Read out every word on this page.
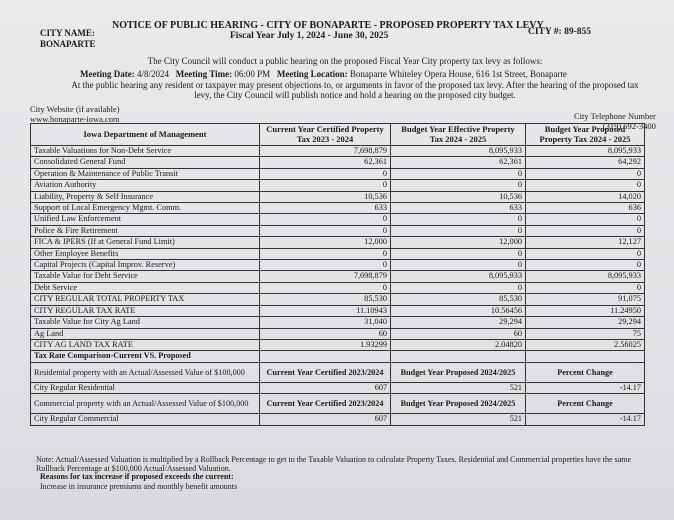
CITY NAME:
BONAPARTE
NOTICE OF PUBLIC HEARING - CITY OF BONAPARTE - PROPOSED PROPERTY TAX LEVY
Fiscal Year July 1, 2024 - June 30, 2025	CITY #: 89-855
The City Council will conduct a public hearing on the proposed Fiscal Year City property tax levy as follows:
Meeting Date: 4/8/2024 Meeting Time: 06:00 PM Meeting Location: Bonaparte Whiteley Opera House, 616 1st Street, Bonaparte
At the public hearing any resident or taxpayer may present objections to, or arguments in favor of the proposed tax levy. After the hearing of the proposed tax
levy, the City Council will publish notice and hold a hearing on the proposed city budget.
City Website (if available)
www.bonaparte-iowa.com	City Telephone Number
(319) 592-3400
Iowa Department of Management	Current Year Certified Property Tax 2023 - 2024	Budget Year Effective Property Tax 2024 - 2025	Budget Year Proposed Property Tax 2024 - 2025
Taxable Valuations for Non-Debt Service	7,698,879	8,095,933	8,095,933
Consolidated General Fund	62,361	62,361	64,292
Operation & Maintenance of Public Transit	0	0	0
Aviation Authority	0	0	0
Liability, Property & Self Insurance	10,536	10,536	14,020
Support of Local Emergency Mgmt. Comm.	633	633	636
Unified Law Enforcement	0	0	0
Police & Fire Retirement	0	0	0
FICA & IPERS (If at General Fund Limit)	12,000	12,000	12,127
Other Employee Benefits	0	0	0
Capital Projects (Capital Improv. Reserve)	0	0	0
Taxable Value for Debt Service	7,698,879	8,095,933	8,095,933
Debt Service	0	0	0
CITY REGULAR TOTAL PROPERTY TAX	85,530	85,530	91,075
CITY REGULAR TAX RATE	11.10943	10.56456	11.24950
Taxable Value for City Ag Land	31,040	29,294	29,294
Ag Land	60	60	75
CITY AG LAND TAX RATE	1.93299	2.04820	2.56025
Tax Rate Comparison-Current VS. Proposed			
Residential property with an Actual/Assessed Value of $100,000	Current Year Certified 2023/2024	Budget Year Proposed 2024/2025	Percent Change
City Regular Residential	607	521	-14.17
Commercial property with an Actual/Assessed Value of $100,000	Current Year Certified 2023/2024	Budget Year Proposed 2024/2025	Percent Change
City Regular Commercial	607	521	-14.17
Note: Actual/Assessed Valuation is multiplied by a Rollback Percentage to get to the Taxable Valuation to calculate Property Taxes. Residential and Commercial properties have the same Rollback Percentage at $100,000 Actual/Assessed Valuation.
Reasons for tax increase if proposed exceeds the current:
Increase in insurance premiums and monthly benefit amounts
